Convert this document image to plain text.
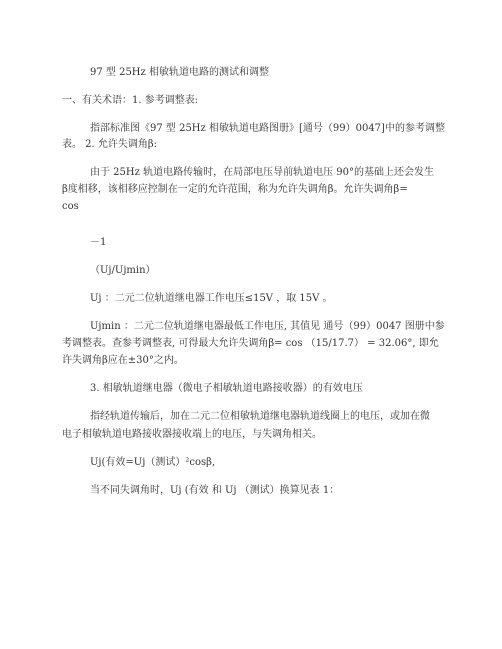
97 型 25Hz 相敏轨道电路的测试和调整
一、有关术语：1. 参考调整表:
指部标准图《97 型 25Hz 相敏轨道电路图册》[通号（99）0047]中的参考调整
表。 2. 允许失调角β:
由于 25Hz 轨道电路传输时，在局部电压导前轨道电压 90°的基础上还会发生
β度相移，该相移应控制在一定的允许范围，称为允许失调角β。允许失调角β=
cos
－1
（Uj/Ujmin）
Uj ：二元二位轨道继电器工作电压≤15V ，取 15V 。
Ujmin ：二元二位轨道继电器最低工作电压, 其值见 通号（99）0047 图册中参
考调整表。查参考调整表, 可得最大允许失调角β= cos （15/17.7） = 32.06°, 即允
许失调角β应在±30°之内。
3. 相敏轨道继电器（微电子相敏轨道电路接收器）的有效电压
指经轨道传输后，加在二元二位相敏轨道继电器轨道线圈上的电压，或加在微
电子相敏轨道电路接收器接收端上的电压，与失调角相关。
Uj(有效=Uj（测试）²cosβ,
当不同失调角时，Uj (有效 和 Uj （测试）换算见表 1：
